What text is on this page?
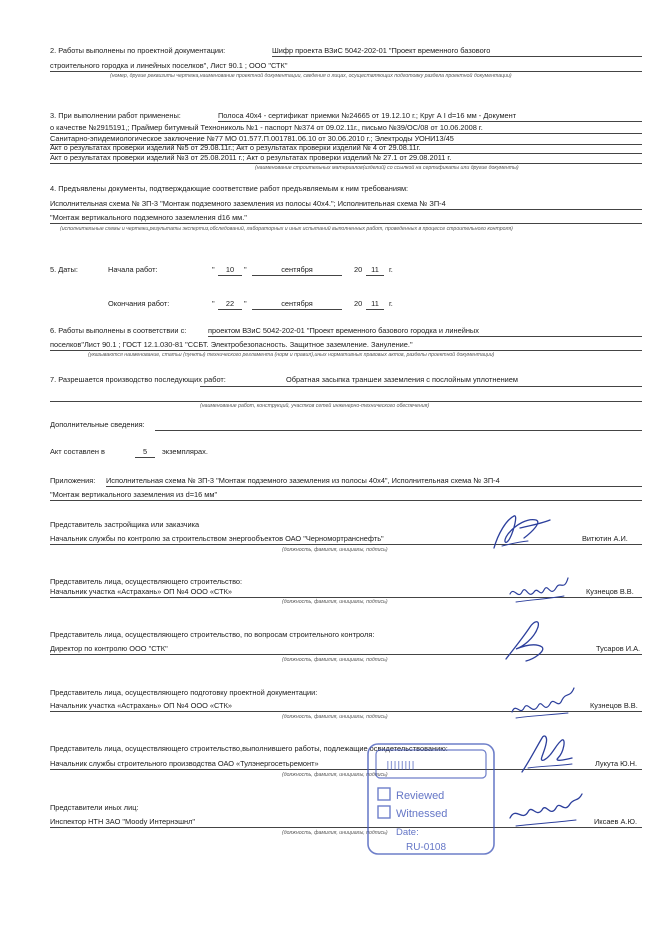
2. Работы выполнены по проектной документации:	Шифр проекта ВЗиС 5042-202-01 "Проект временного базового
строительного городка и линейных поселков", Лист 90.1 ; ООО "СТК"
(номер, другие реквизиты чертежа,наименование проектной документации, сведения о лицах, осуществляющих подготовку раздела проектной документации)
3. При выполнении работ применены:	Полоса 40х4 - сертификат приемки №24665 от 19.12.10 г.; Круг А I d=16 мм - Документ
о качестве №2915191,; Праймер битумный Технониколь №1 - паспорт №374 от 09.02.11г., письмо №39/ОС/08 от 10.06.2008 г.
Санитарно-эпидемиологическое заключение №77 МО 01.577.П.001781.06.10 от 30.06.2010 г.; Электроды УОНИ13/45
Акт о результатах проверки изделий №5 от 29.08.11г.; Акт о результатах проверки изделий № 4 от 29.08.11г.
Акт о результатах проверки изделий №3 от 25.08.2011 г.; Акт о результатах проверки изделий № 27.1 от 29.08.2011 г.
(наименование строительных материалов(изделий) со ссылкой на сертификаты или другие документы)
4. Предъявлены документы, подтверждающие соответствие работ предъявляемым к ним требованиям:
Исполнительная схема № ЗП-3 "Монтаж подземного заземления из полосы 40х4."; Исполнительная схема № ЗП-4
"Монтаж вертикального подземного заземления d16 мм."
(исполнительные схемы и чертежи,результаты экспертиз,обследований, лабораторных и иных испытаний выполненных работ, проведенных в процессе строительного контроля)
5. Даты:	Начала работ:	"	10	"	сентября	20	11	г.
Окончания работ:	"	22	"	сентября	20	11	г.
6. Работы выполнены в соответствии с:	проектом ВЗиС 5042-202-01 "Проект временного базового городка и линейных
поселков"Лист 90.1 ; ГОСТ 12.1.030-81 "ССБТ. Электробезопасность. Защитное заземление. Зануление."
(указываются наименование, статьи (пункты) технического регламента (норм и правил),иных нормативных правовых актов, разделы проектной документации)
7. Разрешается производство последующих работ:	Обратная засыпка траншеи заземления с послойным уплотнением
(наименование работ, конструкций, участков сетей инженерно-технического обеспечения)
Дополнительные сведения:
Акт составлен в	5	экземплярах.
Приложения: Исполнительная схема № ЗП-3 "Монтаж подземного заземления из полосы 40х4", Исполнительная схема № ЗП-4
"Монтаж вертикального заземления из d=16 мм"
Представитель застройщика или заказчика
Начальник службы по контролю за строительством энергообъектов ОАО "Черномортранснефть"	Витютин А.И.
(должность, фамилия, инициалы, подпись)
Представитель лица, осуществляющего строительство:
Начальник участка «Астрахань» ОП №4 ООО «СТК»	Кузнецов В.В.
(должность, фамилия, инициалы, подпись)
Представитель лица, осуществляющего строительство, по вопросам строительного контроля:
Директор по контролю ООО "СТК"	Тусаров И.А.
(должность, фамилия, инициалы, подпись)
Представитель лица, осуществляющего подготовку проектной документации:
Начальник участка «Астрахань» ОП №4 ООО «СТК»	Кузнецов В.В.
(должность, фамилия, инициалы, подпись)
Представитель лица, осуществляющего строительство,выполнившего работы, подлежащие освидетельствованию:
Начальник службы строительного производства ОАО «Тулэнергосетьремонт»	Лукута Ю.Н.
(должность, фамилия, инициалы, подпись)
Представители иных лиц:
Инспектор НТН ЗАО "Моody Интернэшнл"	Иксаев А.Ю.
(должность, фамилия, инициалы, подпись)
IIIIIIII
Reviewed
Witnessed
Date:
RU-0108
